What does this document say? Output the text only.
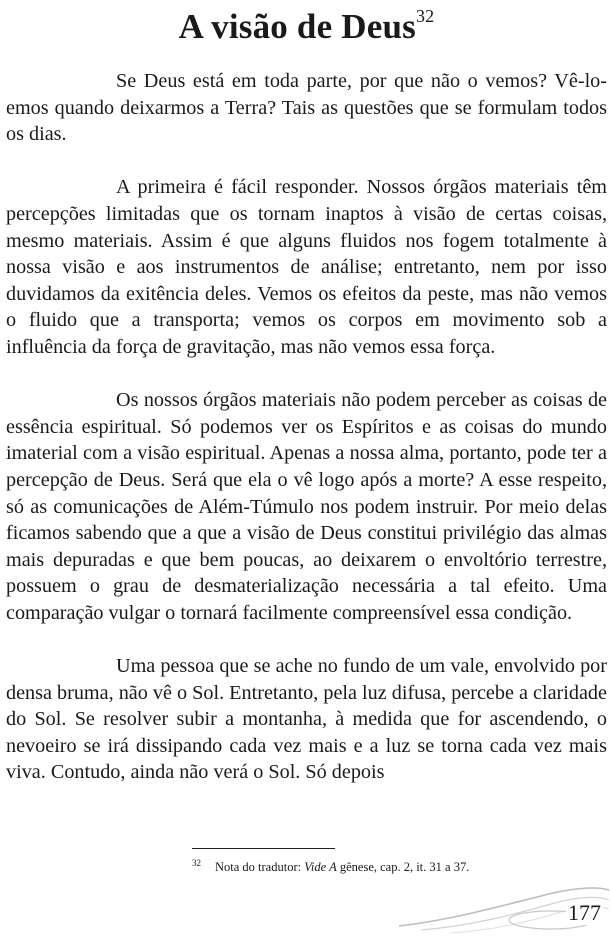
A visão de Deus$^{32}$

Se Deus está em toda parte, por que não o vemos? Vê-lo-emos quando deixarmos a Terra? Tais as questões que se formulam todos os dias.

A primeira é fácil responder. Nossos órgãos materiais têm percepções limitadas que os tornam inaptos à visão de certas coisas, mesmo materiais. Assim é que alguns fluidos nos fogem totalmente à nossa visão e aos instrumentos de análise; entretanto, nem por isso duvidamos da exitência deles. Vemos os efeitos da peste, mas não vemos o fluido que a transporta; vemos os corpos em movimento sob a influência da força de gravitação, mas não vemos essa força.

Os nossos órgãos materiais não podem perceber as coisas de essência espiritual. Só podemos ver os Espíritos e as coisas do mundo imaterial com a visão espiritual. Apenas a nossa alma, portanto, pode ter a percepção de Deus. Será que ela o vê logo após a morte? A esse respeito, só as comunicações de Além-Túmulo nos podem instruir. Por meio delas ficamos sabendo que a que a visão de Deus constitui privilégio das almas mais depuradas e que bem poucas, ao deixarem o envoltório terrestre, possuem o grau de desmaterialização necessária a tal efeito. Uma comparação vulgar o tornará facilmente compreensível essa condição.

Uma pessoa que se ache no fundo de um vale, envolvido por densa bruma, não vê o Sol. Entretanto, pela luz difusa, percebe a claridade do Sol. Se resolver subir a montanha, à medida que for ascendendo, o nevoeiro se irá dissipando cada vez mais e a luz se torna cada vez mais viva. Contudo, ainda não verá o Sol. Só depois

$^{32}$ Nota do tradutor: Vide A gênese, cap. 2, it. 31 a 37.
177
